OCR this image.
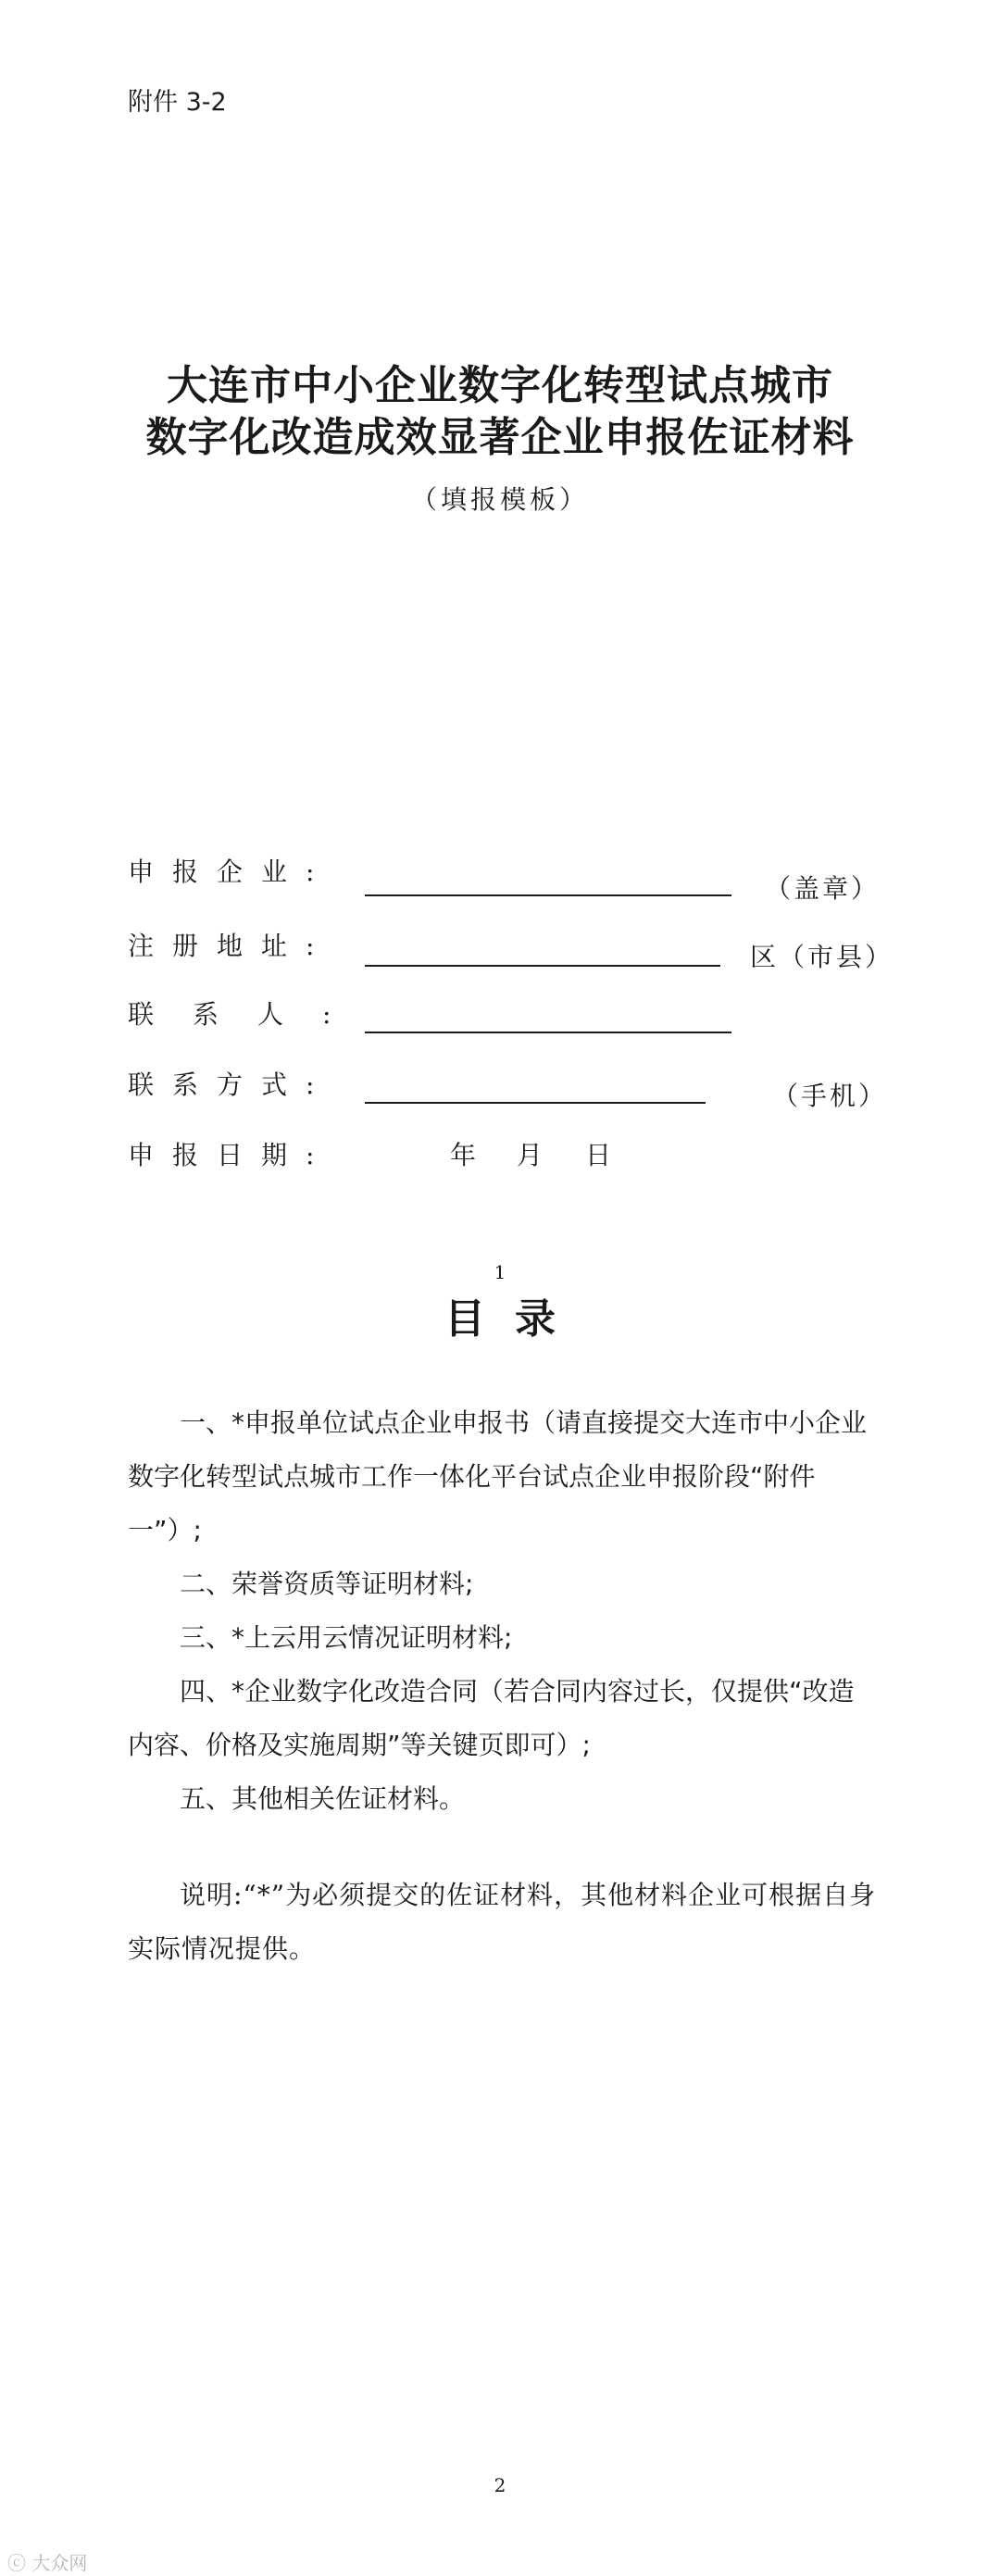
附件 3-2
大连市中小企业数字化转型试点城市
数字化改造成效显著企业申报佐证材料
（填报模板）
申报企业:
（盖章）
注册地址:	区（市县）
联系人:
联系方式:	（手机）
申报日期:	年 月 日
1
目 录

一、*申报单位试点企业申报书（请直接提交大连市中小企业数字化转型试点城市工作一体化平台试点企业申报阶段“附件一”）;

二、荣誉资质等证明材料;

三、*上云用云情况证明材料;

四、*企业数字化改造合同（若合同内容过长，仅提供“改造内容、价格及实施周期”等关键页即可）;

五、其他相关佐证材料。

说明:“*”为必须提交的佐证材料，其他材料企业可根据自身实际情况提供。
2
ⓒ 大众网
